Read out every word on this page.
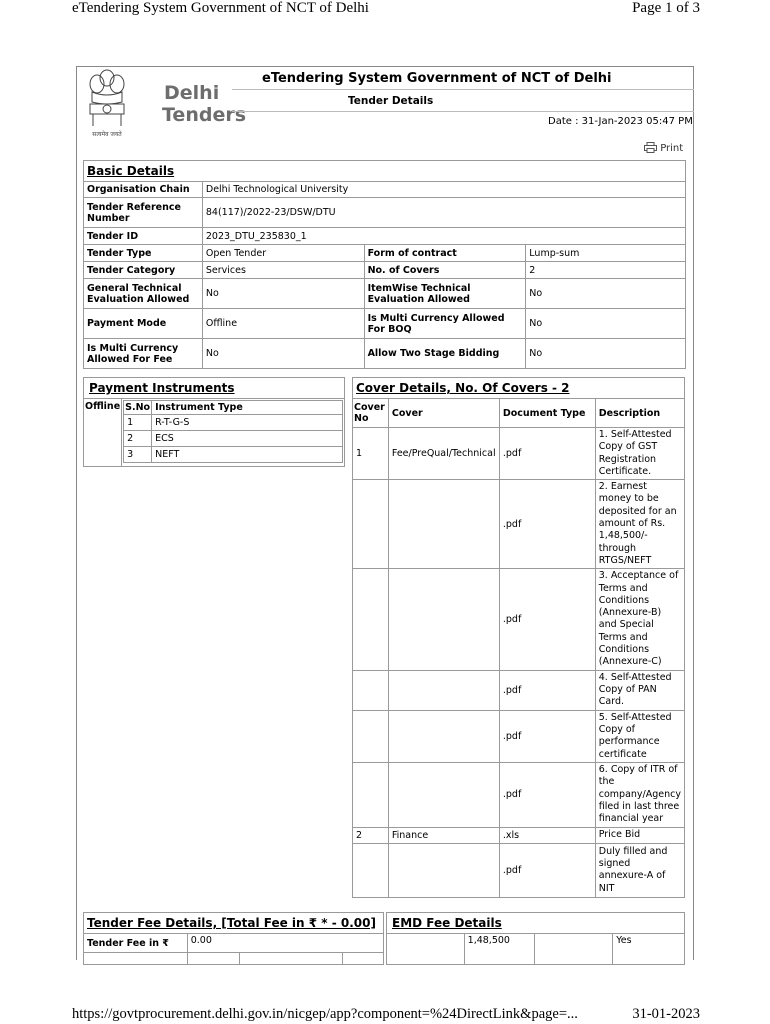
eTendering System Government of NCT of Delhi	Page 1 of 3
सत्यमेव जयते
Delhi
Tenders
eTendering System Government of NCT of Delhi
Tender Details
Date : 31-Jan-2023 05:47 PM
Print
Basic Details			
Organisation Chain	Delhi Technological University		
Tender Reference Number	84(117)/2022-23/DSW/DTU		
Tender ID	2023_DTU_235830_1		
Tender Type	Open Tender	Form of contract	Lump-sum
Tender Category	Services	No. of Covers	2
General Technical Evaluation Allowed	No	ItemWise Technical Evaluation Allowed	No
Payment Mode	Offline	Is Multi Currency Allowed For BOQ	No
Is Multi Currency Allowed For Fee	No	Allow Two Stage Bidding	No
Payment Instruments
Offline	S.No	Instrument Type
1	R-T-G-S
2	ECS
3	NEFT
Cover Details, No. Of Covers - 2			
Cover No	Cover	Document Type	Description
1	Fee/PreQual/Technical	.pdf	1. Self-Attested Copy of GST Registration Certificate.
		.pdf	2. Earnest money to be deposited for an amount of Rs. 1,48,500/- through RTGS/NEFT
		.pdf	3. Acceptance of Terms and Conditions (Annexure-B) and Special Terms and Conditions (Annexure-C)
		.pdf	4. Self-Attested Copy of PAN Card.
		.pdf	5. Self-Attested Copy of performance certificate
		.pdf	6. Copy of ITR of the company/Agency filed in last three financial year
2	Finance	.xls	Price Bid
		.pdf	Duly filled and signed annexure-A of NIT
Tender Fee Details, [Total Fee in ₹ * - 0.00]			
Tender Fee in ₹	0.00		

EMD Fee Details
	1,48,500		Yes
https://govtprocurement.delhi.gov.in/nicgep/app?component=%24DirectLink&page=...	31-01-2023
